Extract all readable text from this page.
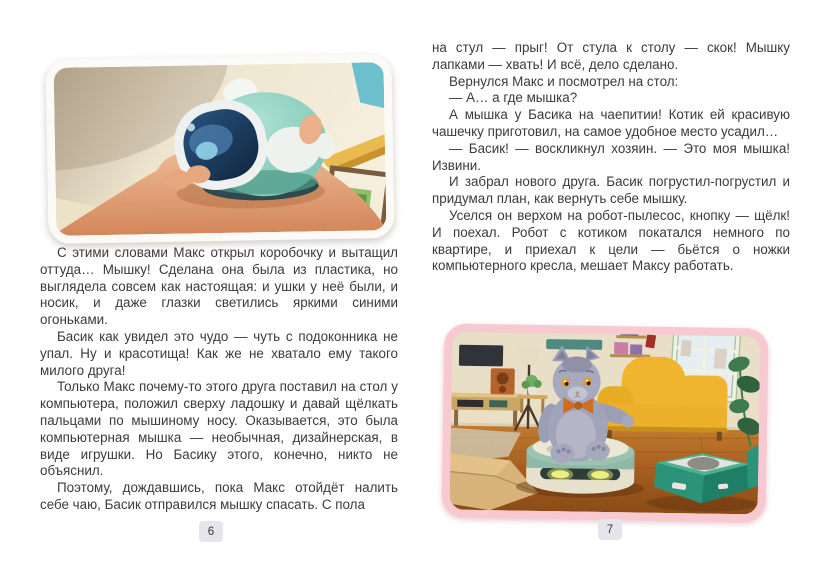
С этими словами Макс открыл коробочку и вытащил оттуда… Мышку! Сделана она была из пластика, но выглядела совсем как настоящая: и ушки у неё были, и носик, и даже глазки светились яркими синими огоньками.

Басик как увидел это чудо — чуть с подоконника не упал. Ну и красотища! Как же не хватало ему такого милого друга!

Только Макс почему-то этого друга поставил на стол у компьютера, положил сверху ладошку и давай щёлкать пальцами по мышиному носу. Оказывается, это была компьютерная мышка — необычная, дизайнерская, в виде игрушки. Но Басику этого, конечно, никто не объяснил.

Поэтому, дождавшись, пока Макс отойдёт налить себе чаю, Басик отправился мышку спасать. С пола

6

на стул — прыг! От стула к столу — скок! Мышку лапками — хвать! И всё, дело сделано.

Вернулся Макс и посмотрел на стол:

— А… а где мышка?

А мышка у Басика на чаепитии! Котик ей красивую чашечку приготовил, на самое удобное место усадил…

— Басик! — воскликнул хозяин. — Это моя мышка! Извини.

И забрал нового друга. Басик погрустил-погрустил и придумал план, как вернуть себе мышку.

Уселся он верхом на робот-пылесос, кнопку — щёлк! И поехал. Робот с котиком покатался немного по квартире, и приехал к цели — бьётся о ножки компьютерного кресла, мешает Максу работать.

7
